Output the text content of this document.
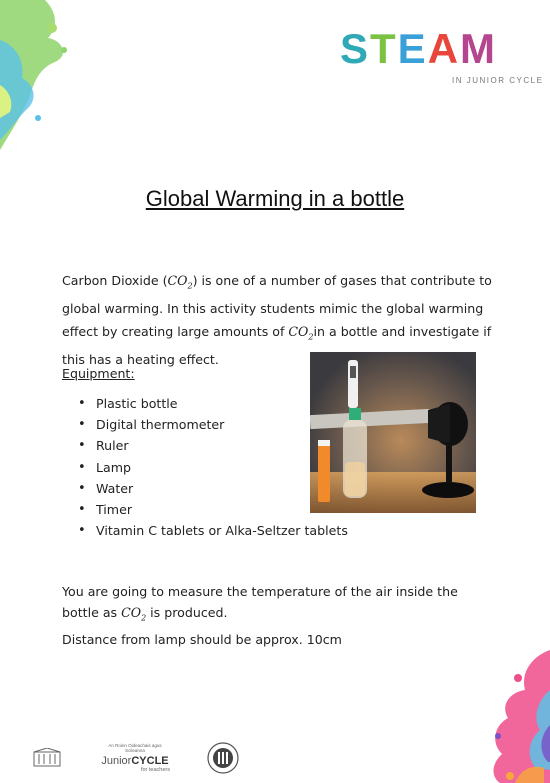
STEAM
IN JUNIOR CYCLE
Global Warming in a bottle
Carbon Dioxide $(CO_2)$ is one of a number of gases that contribute to global warming. In this activity students mimic the global warming effect by creating large amounts of $CO_2in$ a bottle and investigate if this has a heating effect.
Equipment:
• Plastic bottle
• Digital thermometer
• Ruler
• Lamp
• Water
• Timer
• Vitamin C tablets or Alka-Seltzer tablets
You are going to measure the temperature of the air inside the bottle as $CO_2$ is produced.
Distance from lamp should be approx. 10cm
An Roinn Oideachais agus Scileanna
JuniorCYCLE
for teachers
